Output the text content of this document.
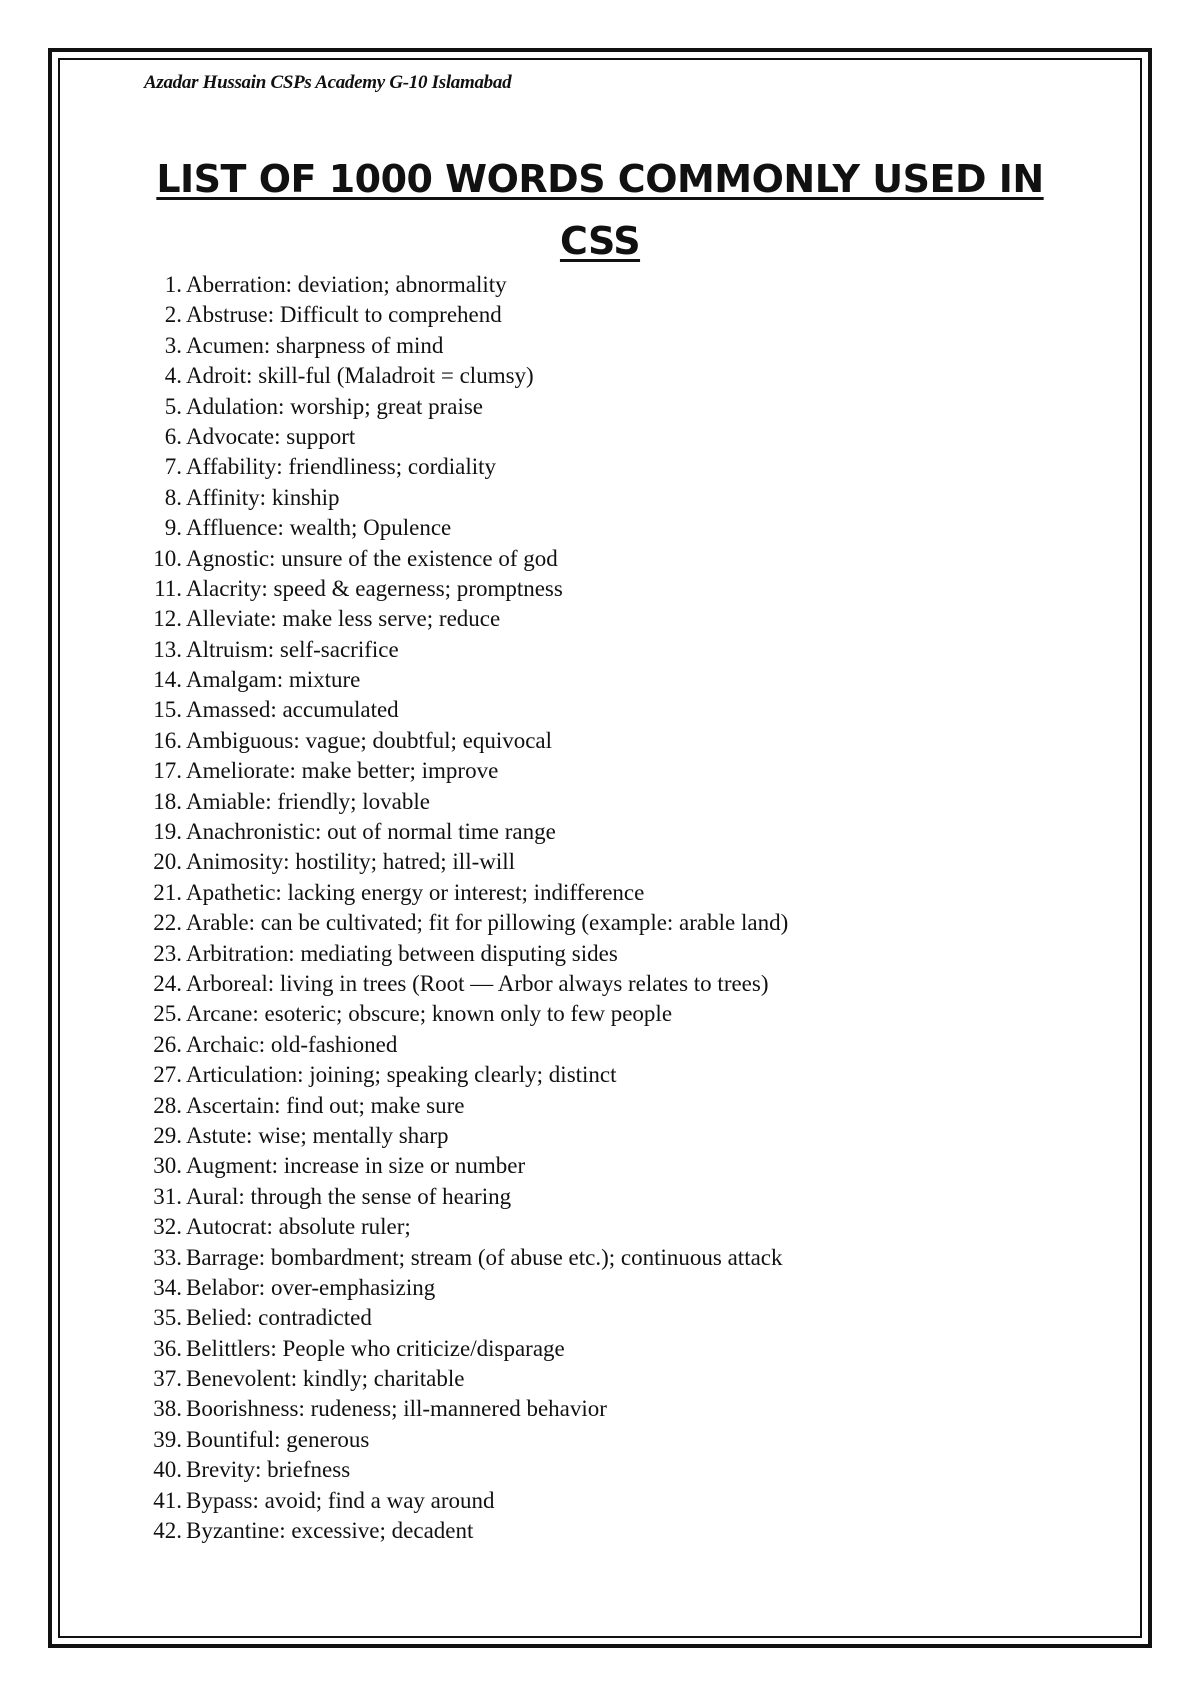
Azadar Hussain CSPs Academy G-10 Islamabad
LIST OF 1000 WORDS COMMONLY USED IN CSS
1. Aberration: deviation; abnormality
2. Abstruse: Difficult to comprehend
3. Acumen: sharpness of mind
4. Adroit: skill-ful (Maladroit = clumsy)
5. Adulation: worship; great praise
6. Advocate: support
7. Affability: friendliness; cordiality
8. Affinity: kinship
9. Affluence: wealth; Opulence
10. Agnostic: unsure of the existence of god
11. Alacrity: speed & eagerness; promptness
12. Alleviate: make less serve; reduce
13. Altruism: self-sacrifice
14. Amalgam: mixture
15. Amassed: accumulated
16. Ambiguous: vague; doubtful; equivocal
17. Ameliorate: make better; improve
18. Amiable: friendly; lovable
19. Anachronistic: out of normal time range
20. Animosity: hostility; hatred; ill-will
21. Apathetic: lacking energy or interest; indifference
22. Arable: can be cultivated; fit for pillowing (example: arable land)
23. Arbitration: mediating between disputing sides
24. Arboreal: living in trees (Root — Arbor always relates to trees)
25. Arcane: esoteric; obscure; known only to few people
26. Archaic: old-fashioned
27. Articulation: joining; speaking clearly; distinct
28. Ascertain: find out; make sure
29. Astute: wise; mentally sharp
30. Augment: increase in size or number
31. Aural: through the sense of hearing
32. Autocrat: absolute ruler;
33. Barrage: bombardment; stream (of abuse etc.); continuous attack
34. Belabor: over-emphasizing
35. Belied: contradicted
36. Belittlers: People who criticize/disparage
37. Benevolent: kindly; charitable
38. Boorishness: rudeness; ill-mannered behavior
39. Bountiful: generous
40. Brevity: briefness
41. Bypass: avoid; find a way around
42. Byzantine: excessive; decadent
